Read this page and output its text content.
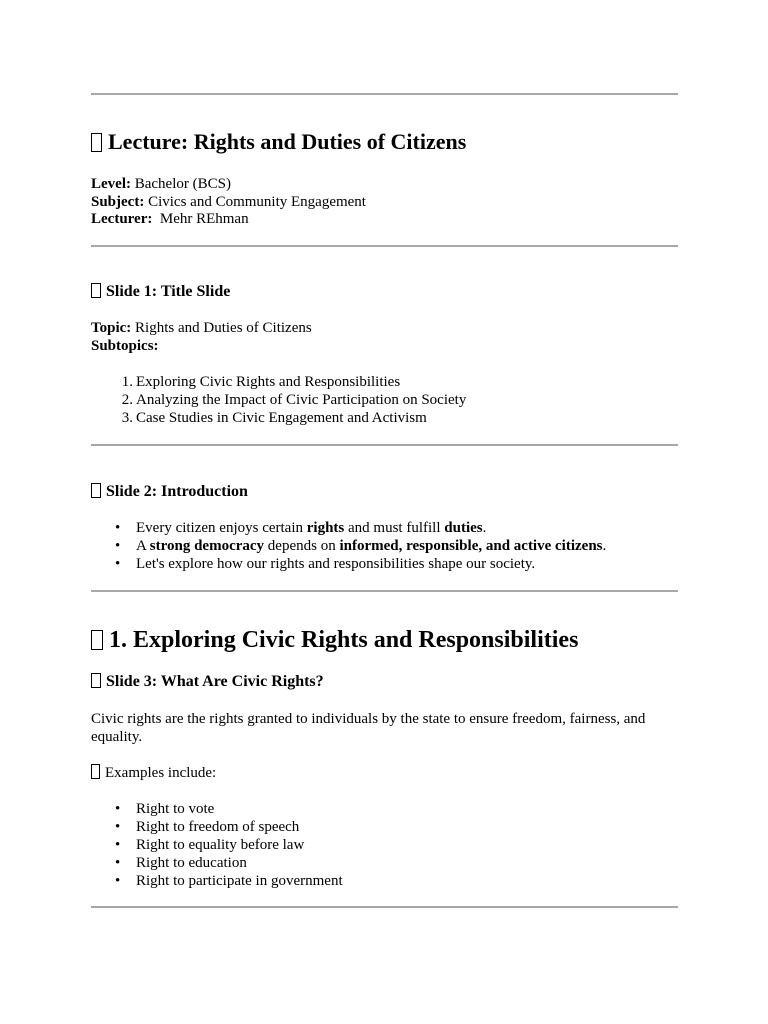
Lecture: Rights and Duties of Citizens
Level: Bachelor (BCS)
Subject: Civics and Community Engagement
Lecturer:  Mehr REhman
Slide 1: Title Slide
Topic: Rights and Duties of Citizens
Subtopics:
1. Exploring Civic Rights and Responsibilities
2. Analyzing the Impact of Civic Participation on Society
3. Case Studies in Civic Engagement and Activism
Slide 2: Introduction
• Every citizen enjoys certain rights and must fulfill duties.
• A strong democracy depends on informed, responsible, and active citizens.
• Let's explore how our rights and responsibilities shape our society.
1. Exploring Civic Rights and Responsibilities
Slide 3: What Are Civic Rights?

Civic rights are the rights granted to individuals by the state to ensure freedom, fairness, and equality.

Examples include:
• Right to vote
• Right to freedom of speech
• Right to equality before law
• Right to education
• Right to participate in government
